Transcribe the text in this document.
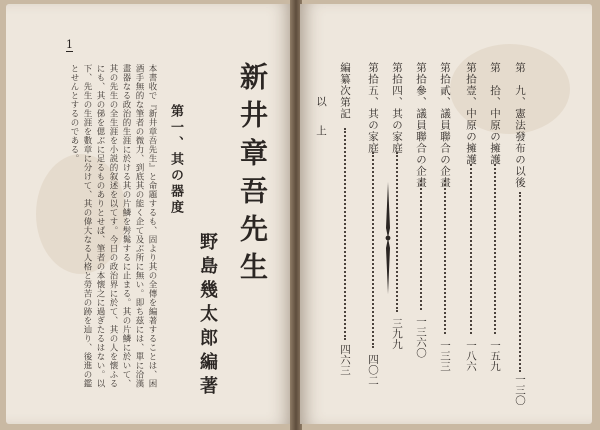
1
本書收で『新井章吾先生』と命題するも、固より其の全傳を編著することは、困酒手無的な筆者の微力、到底其の能く企て及ぶ所に無い。即ち茲には、單に洽漢畫器なる政治的生涯に於ける其の片鱗を髣髴するに止まる。其の片鱗に於いて、其の先生の全生涯を小説的叙述を以てす。今日の政治界に於て、其の人を懐ふるにも、其の俤を偲ぶに足るものありとせば、筆者の本懐之に過ぎたるはない。以下、先生の生涯を數章に分けて、其の偉大なる人格と勞苦の跡を辿り、後進の鑑とせんとするのである。	第一、其の器度 新井章吾先生
野島幾太郎編著
第　九、憲法發布の以後
一三〇
第　拾、中原の擁護
一五九
第拾壹、中原の擁護
一八六
第拾貳、議員聯合の企畫
一三三
第拾參、議員聯合の企畫
一三六〇
第拾四、其の家庭
三九九
第拾五、其の家庭
四〇二
編纂次第記
四六三
以　上
